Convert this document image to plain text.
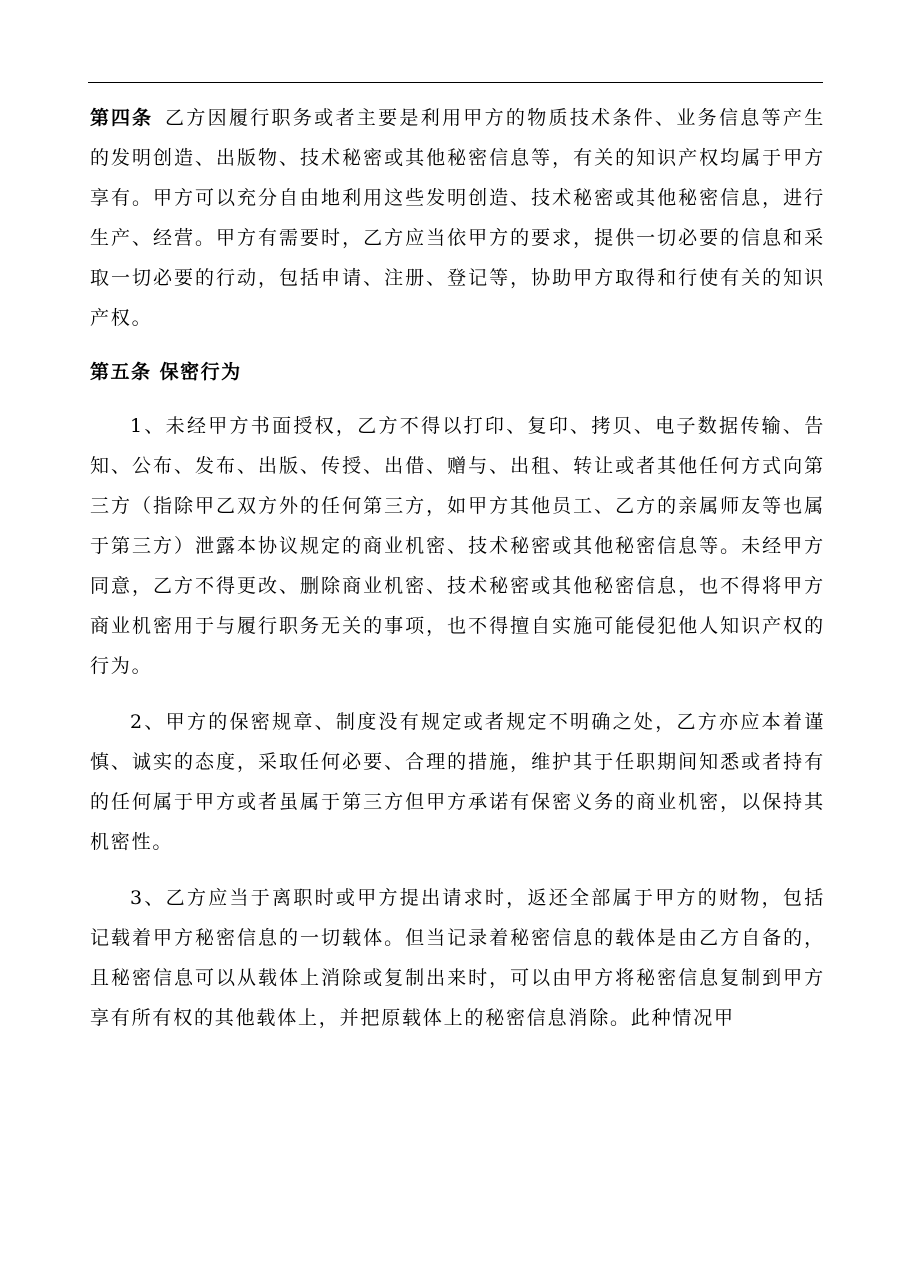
第四条 乙方因履行职务或者主要是利用甲方的物质技术条件、业务信息等产生的发明创造、出版物、技术秘密或其他秘密信息等，有关的知识产权均属于甲方享有。甲方可以充分自由地利用这些发明创造、技术秘密或其他秘密信息，进行生产、经营。甲方有需要时，乙方应当依甲方的要求，提供一切必要的信息和采取一切必要的行动，包括申请、注册、登记等，协助甲方取得和行使有关的知识产权。

第五条 保密行为

1、未经甲方书面授权，乙方不得以打印、复印、拷贝、电子数据传输、告知、公布、发布、出版、传授、出借、赠与、出租、转让或者其他任何方式向第三方（指除甲乙双方外的任何第三方，如甲方其他员工、乙方的亲属师友等也属于第三方）泄露本协议规定的商业机密、技术秘密或其他秘密信息等。未经甲方同意，乙方不得更改、删除商业机密、技术秘密或其他秘密信息，也不得将甲方商业机密用于与履行职务无关的事项，也不得擅自实施可能侵犯他人知识产权的行为。

2、甲方的保密规章、制度没有规定或者规定不明确之处，乙方亦应本着谨慎、诚实的态度，采取任何必要、合理的措施，维护其于任职期间知悉或者持有的任何属于甲方或者虽属于第三方但甲方承诺有保密义务的商业机密，以保持其机密性。

3、乙方应当于离职时或甲方提出请求时，返还全部属于甲方的财物，包括记载着甲方秘密信息的一切载体。但当记录着秘密信息的载体是由乙方自备的，且秘密信息可以从载体上消除或复制出来时，可以由甲方将秘密信息复制到甲方享有所有权的其他载体上，并把原载体上的秘密信息消除。此种情况甲
